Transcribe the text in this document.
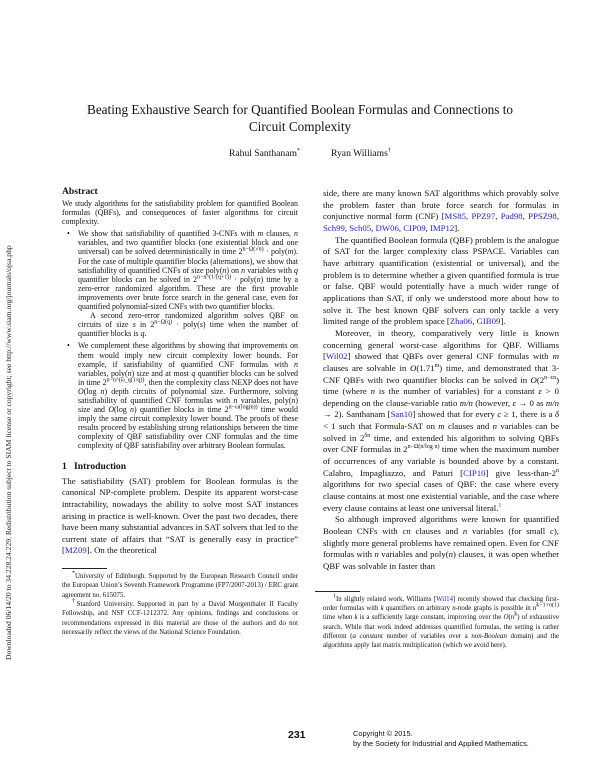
Downloaded 06/14/20 to 34.228.24.229. Redistribution subject to SIAM license or copyright; see http://www.siam.org/journals/ojsa.php
Beating Exhaustive Search for Quantified Boolean Formulas and Connections to
Circuit Complexity
Rahul Santhanam*	Ryan Williams†
Abstract

We study algorithms for the satisfiability problem for quantified Boolean formulas (QBFs), and consequences of faster algorithms for circuit complexity.

• We show that satisfiability of quantified 3-CNFs with m clauses, n variables, and two quantifier blocks (one existential block and one universal) can be solved deterministically in time $2^{n-\Omega(√n)}$ · poly(m). For the case of multiple quantifier blocks (alternations), we show that satisfiability of quantified CNFs of size poly(n) on n variables with q quantifier blocks can be solved in $2^{n-n\^{}(1/(q+1))}$ · poly(n) time by a zero-error randomized algorithm. These are the first provable improvements over brute force search in the general case, even for quantified polynomial-sized CNFs with two quantifier blocks.

A second zero-error randomized algorithm solves QBF on circuits of size s in $2^{n-\Omega(q)}$ · poly(s) time when the number of quantifier blocks is q.

• We complement these algorithms by showing that improvements on them would imply new circuit complexity lower bounds. For example, if satisfiability of quantified CNF formulas with n variables, poly(n) size and at most q quantifier blocks can be solved in time $2^{n-n\^{}(\omega\_q(1/q))}$, then the complexity class NEXP does not have O(log n) depth circuits of polynomial size. Furthermore, solving satisfiability of quantified CNF formulas with n variables, poly(n) size and O(log n) quantifier blocks in time $2^{n-\omega(log(n))}$ time would imply the same circuit complexity lower bound. The proofs of these results proceed by establishing strong relationships between the time complexity of QBF satisfiability over CNF formulas and the time complexity of QBF satisfiability over arbitrary Boolean formulas.

1 Introduction

The satisfiability (SAT) problem for Boolean formulas is the canonical NP-complete problem. Despite its apparent worst-case intractability, nowadays the ability to solve most SAT instances arising in practice is well-known. Over the past two decades, there have been many substantial advances in SAT solvers that led to the current state of affairs that “SAT is generally easy in practice” [MZ09]. On the theoretical

*University of Edinburgh. Supported by the European Research Council under the European Union’s Seventh Framework Programme (FP7/2007-2013) / ERC grant agreement no. 615075.

†Stanford University. Supported in part by a David Morgenthaler II Faculty Fellowship, and NSF CCF-1212372. Any opinions, findings and conclusions or recommendations expressed in this material are those of the authors and do not necessarily reflect the views of the National Science Foundation.

side, there are many known SAT algorithms which provably solve the problem faster than brute force search for formulas in conjunctive normal form (CNF) [MS85, PPZ97, Pad98, PPSZ98, Sch99, Sch05, DW06, CIP09, IMP12].

The quantified Boolean formula (QBF) problem is the analogue of SAT for the larger complexity class PSPACE. Variables can have arbitrary quantification (existential or universal), and the problem is to determine whether a given quantified formula is true or false. QBF would potentially have a much wider range of applications than SAT, if only we understood more about how to solve it. The best known QBF solvers can only tackle a very limited range of the problem space [Zha06, GIB09].

Moreover, in theory, comparatively very little is known concerning general worst-case algorithms for QBF. Williams [Wil02] showed that QBFs over general CNF formulas with m clauses are solvable in O(1.71$^m$) time, and demonstrated that 3-CNF QBFs with two quantifier blocks can be solved in $O(2^{n-\varepsilon n})$ time (where n is the number of variables) for a constant ε > 0 depending on the clause-variable ratio m/n (however, ε → 0 as m/n → 2). Santhanam [San10] showed that for every c ≥ 1, there is a δ < 1 such that Formula-SAT on m clauses and n variables can be solved in $2^{\delta n}$ time, and extended his algorithm to solving QBFs over CNF formulas in $2^{n-\Omega(n/log n)}$ time when the maximum number of occurrences of any variable is bounded above by a constant. Calabro, Impagliazzo, and Paturi [CIP10] give less-than-2$^n$ algorithms for two special cases of QBF: the case where every clause contains at most one existential variable, and the case where every clause contains at least one universal literal.$^1$

So although improved algorithms were known for quantified Boolean CNFs with cn clauses and n variables (for small c), slightly more general problems have remained open. Even for CNF formulas with n variables and poly(n) clauses, it was open whether QBF was solvable in faster than

$^1$In slightly related work, Williams [Wil14] recently showed that checking first-order formulas with k quantifiers on arbitrary n-node graphs is possible in $n^{k-1+o(1)}$ time when k is a sufficiently large constant, improving over the $O(n^k)$ of exhaustive search. While that work indeed addresses quantified formulas, the setting is rather different (a constant number of variables over a non-Boolean domain) and the algorithms apply fast matrix multiplication (which we avoid here).

231	Copyright © 2015.
by the Society for Industrial and Applied Mathematics.
